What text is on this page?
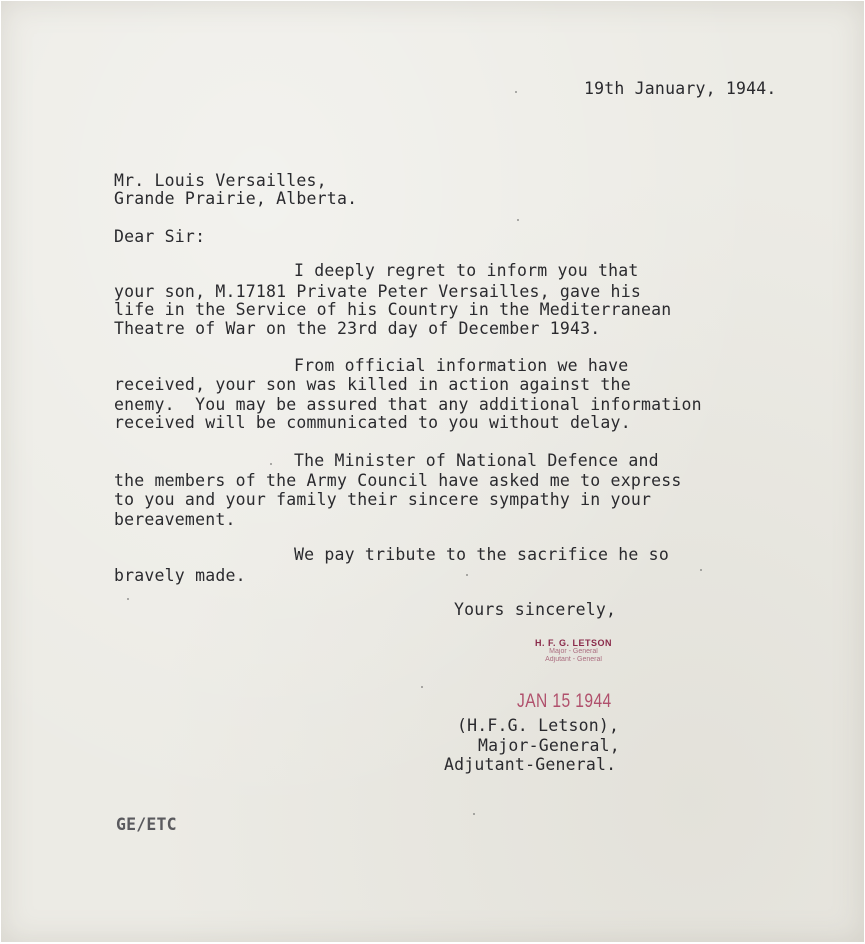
19th January, 1944.
Mr. Louis Versailles,
Grande Prairie, Alberta.
Dear Sir:
I deeply regret to inform you that
your son, M.17181 Private Peter Versailles, gave his
life in the Service of his Country in the Mediterranean
Theatre of War on the 23rd day of December 1943.
From official information we have
received, your son was killed in action against the
enemy.  You may be assured that any additional information
received will be communicated to you without delay.
The Minister of National Defence and
the members of the Army Council have asked me to express
to you and your family their sincere sympathy in your
bereavement.
We pay tribute to the sacrifice he so
bravely made.
Yours sincerely,
H. F. G. LETSON
Major - General
Adjutant - General
JAN 15 1944
(H.F.G. Letson),
Major-General,
Adjutant-General.
GE/ETC
